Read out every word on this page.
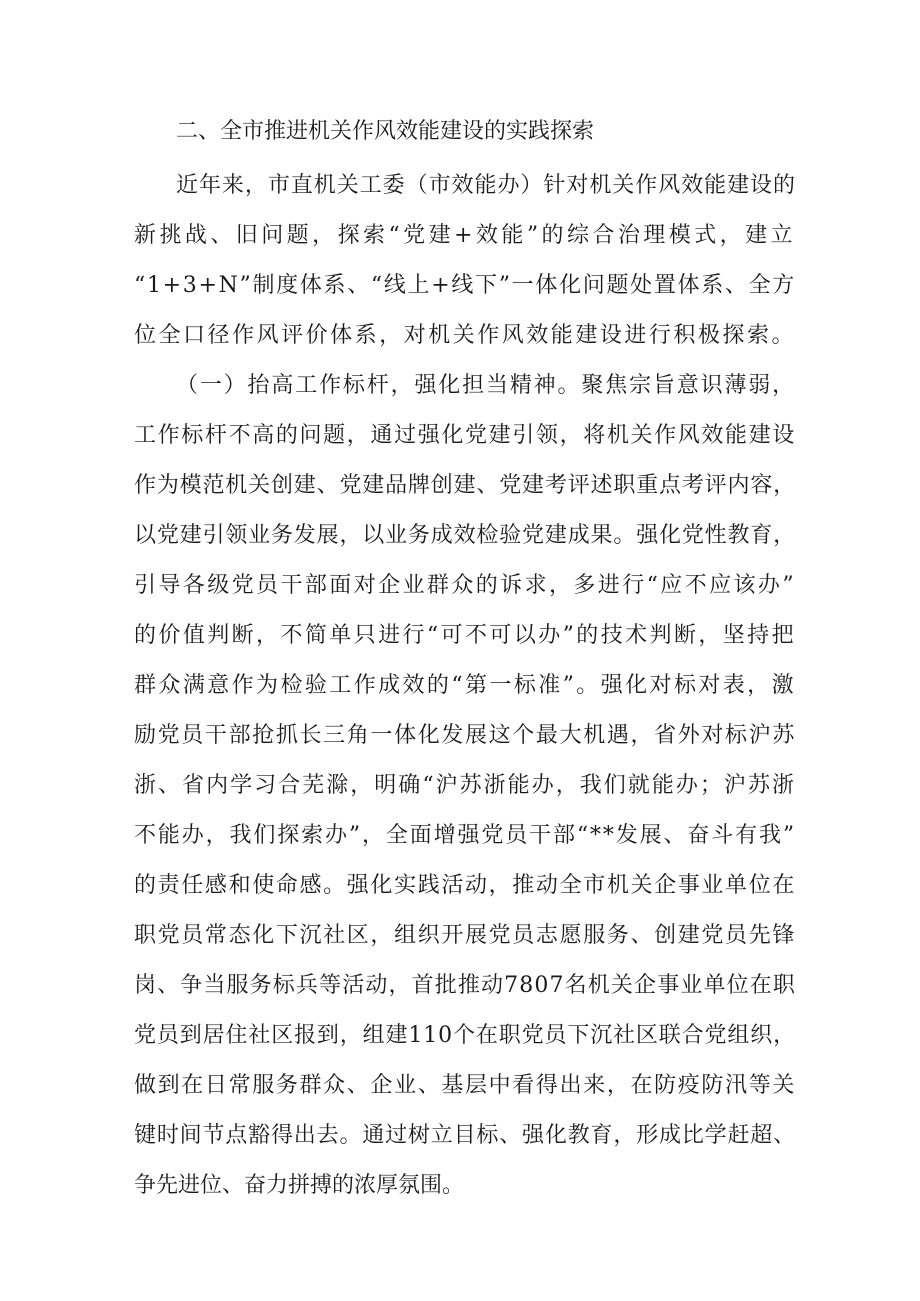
二、全市推进机关作风效能建设的实践探索
近年来，市直机关工委（市效能办）针对机关作风效能建设的
新挑战、旧问题，探索“党建+效能”的综合治理模式，建立
“1+3+N”制度体系、“线上+线下”一体化问题处置体系、全方
位全口径作风评价体系，对机关作风效能建设进行积极探索。
（一）抬高工作标杆，强化担当精神。聚焦宗旨意识薄弱，
工作标杆不高的问题，通过强化党建引领，将机关作风效能建设
作为模范机关创建、党建品牌创建、党建考评述职重点考评内容，
以党建引领业务发展，以业务成效检验党建成果。强化党性教育，
引导各级党员干部面对企业群众的诉求，多进行“应不应该办”
的价值判断，不简单只进行“可不可以办”的技术判断，坚持把
群众满意作为检验工作成效的“第一标准”。强化对标对表，激
励党员干部抢抓长三角一体化发展这个最大机遇，省外对标沪苏
浙、省内学习合芜滁，明确“沪苏浙能办，我们就能办；沪苏浙
不能办，我们探索办”，全面增强党员干部“**发展、奋斗有我”
的责任感和使命感。强化实践活动，推动全市机关企事业单位在
职党员常态化下沉社区，组织开展党员志愿服务、创建党员先锋
岗、争当服务标兵等活动，首批推动7807名机关企事业单位在职
党员到居住社区报到，组建110个在职党员下沉社区联合党组织，
做到在日常服务群众、企业、基层中看得出来，在防疫防汛等关
键时间节点豁得出去。通过树立目标、强化教育，形成比学赶超、
争先进位、奋力拼搏的浓厚氛围。
